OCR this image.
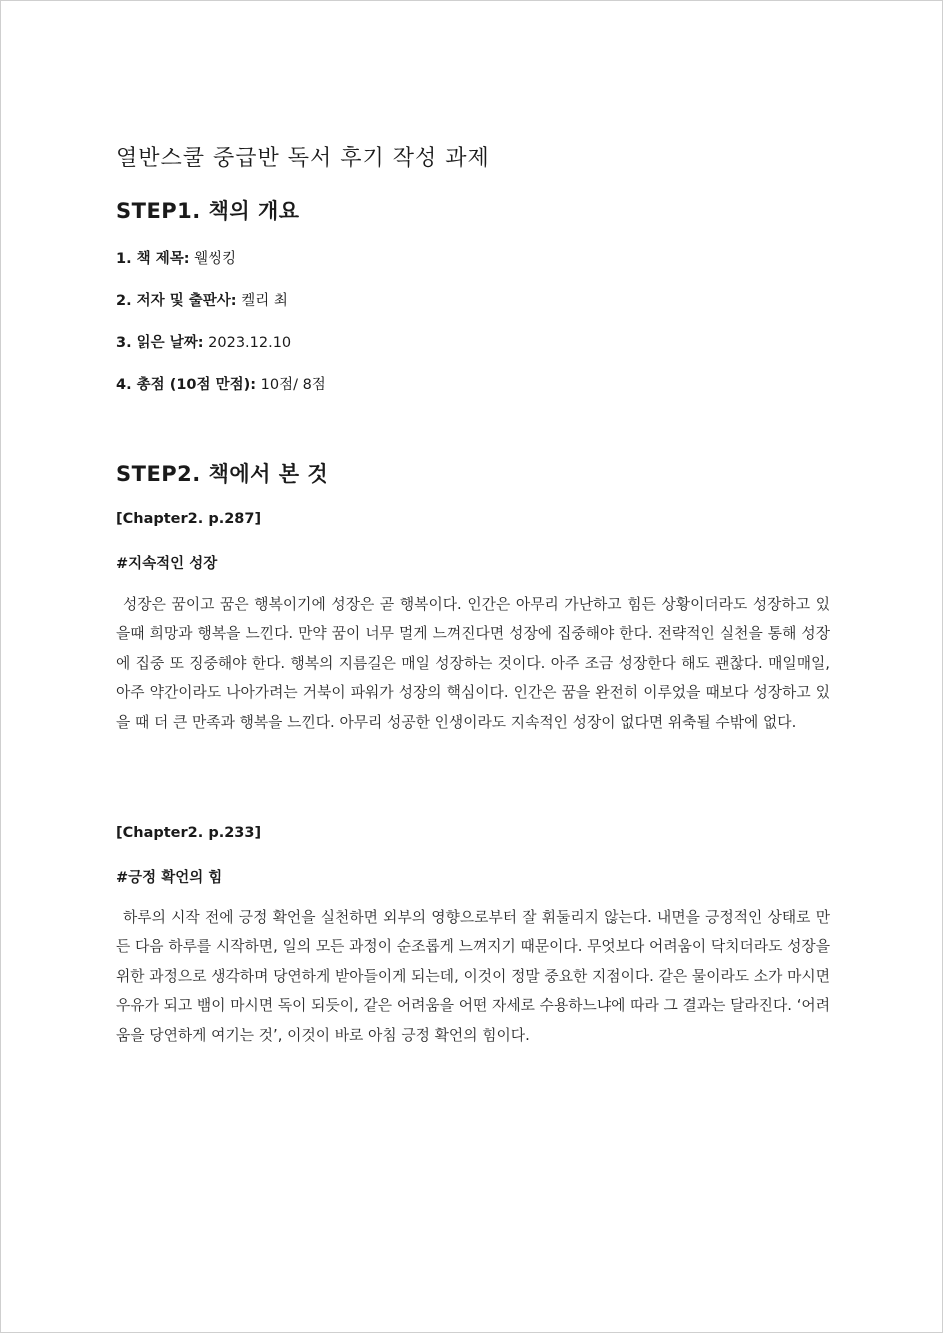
열반스쿨 중급반 독서 후기 작성 과제
STEP1. 책의 개요

1. 책 제목: 웰씽킹

2. 저자 및 출판사: 켈리 최

3. 읽은 날짜: 2023.12.10

4. 총점 (10점 만점): 10점/ 8점

STEP2. 책에서 본 것

[Chapter2. p.287]

#지속적인 성장

성장은 꿈이고 꿈은 행복이기에 성장은 곧 행복이다. 인간은 아무리 가난하고 힘든 상황이더라도 성장하고 있을때 희망과 행복을 느낀다. 만약 꿈이 너무 멀게 느껴진다면 성장에 집중해야 한다. 전략적인 실천을 통해 성장에 집중 또 징중해야 한다. 행복의 지름길은 매일 성장하는 것이다. 아주 조금 성장한다 해도 괜찮다. 매일매일, 아주 약간이라도 나아가려는 거북이 파워가 성장의 핵심이다. 인간은 꿈을 완전히 이루었을 때보다 성장하고 있을 때 더 큰 만족과 행복을 느낀다. 아무리 성공한 인생이라도 지속적인 성장이 없다면 위축될 수밖에 없다.

[Chapter2. p.233]

#긍정 확언의 힘

하루의 시작 전에 긍정 확언을 실천하면 외부의 영향으로부터 잘 휘둘리지 않는다. 내면을 긍정적인 상태로 만든 다음 하루를 시작하면, 일의 모든 과정이 순조롭게 느껴지기 때문이다. 무엇보다 어려움이 닥치더라도 성장을 위한 과정으로 생각하며 당연하게 받아들이게 되는데, 이것이 정말 중요한 지점이다. 같은 물이라도 소가 마시면 우유가 되고 뱀이 마시면 독이 되듯이, 같은 어려움을 어떤 자세로 수용하느냐에 따라 그 결과는 달라진다. ‘어려움을 당연하게 여기는 것’, 이것이 바로 아침 긍정 확언의 힘이다.
